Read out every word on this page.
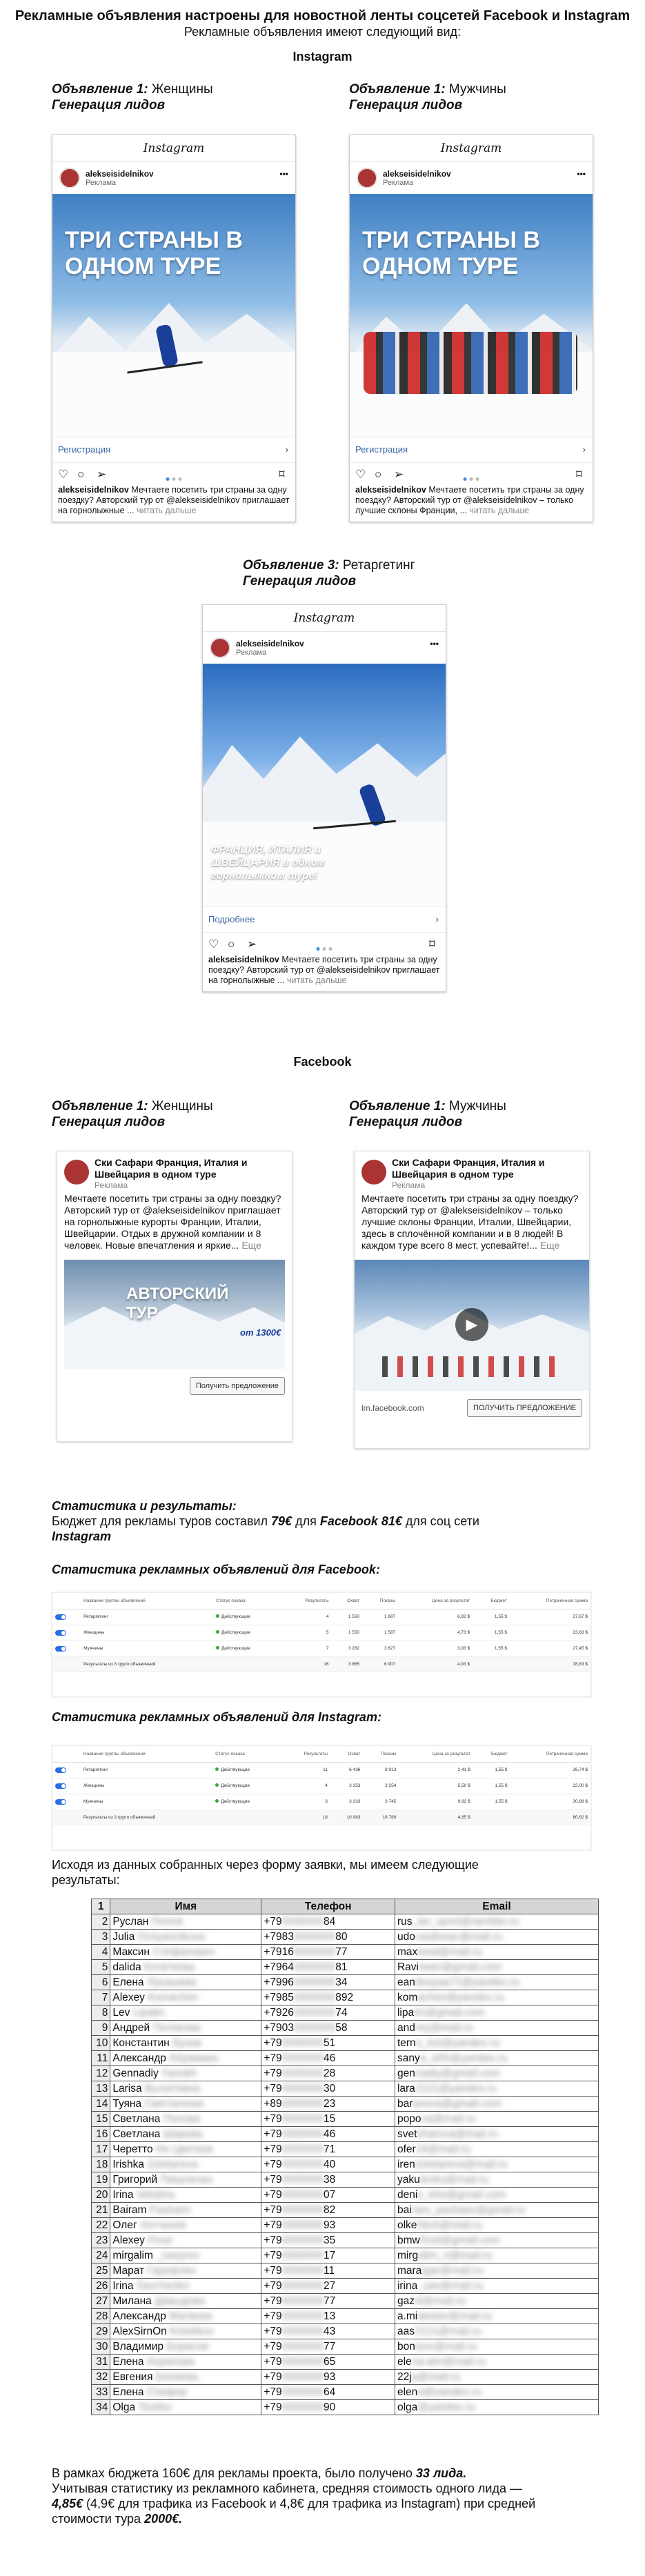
Рекламные объявления настроены для новостной ленты соцсетей Facebook и Instagram
Рекламные объявления имеют следующий вид:
Instagram
Объявление 1: Женщины
Генерация лидов
Объявление 1: Мужчины
Генерация лидов
Instagram
alekseisidelnikov
Реклама
•••
ТРИ СТРАНЫ В ОДНОМ ТУРЕ
Регистрация	›
♡ ○	➢	⌑
alekseisidelnikov Мечтаете посетить три страны за одну поездку? Авторский тур от @alekseisidelnikov приглашает на горнолыжные ... читать дальше
Instagram
alekseisidelnikov
Реклама
•••
ТРИ СТРАНЫ В ОДНОМ ТУРЕ
Регистрация	›
♡ ○	➢	⌑
alekseisidelnikov Мечтаете посетить три страны за одну поездку? Авторский тур от @alekseisidelnikov – только лучшие склоны Франции, ... читать дальше
Объявление 3: Ретаргетинг
Генерация лидов
Instagram
alekseisidelnikov
Реклама
•••
ФРАНЦИЯ, ИТАЛИЯ и ШВЕЙЦАРИЯ в одном горнолыжном туре!
Подробнее	›
♡ ○	➢	⌑
alekseisidelnikov Мечтаете посетить три страны за одну поездку? Авторский тур от @alekseisidelnikov приглашает на горнолыжные ... читать дальше
Facebook
Объявление 1: Женщины
Генерация лидов
Объявление 1: Мужчины
Генерация лидов
Ски Сафари Франция, Италия и Швейцария в одном туре
Реклама
Мечтаете посетить три страны за одну поездку? Авторский тур от @alekseisidelnikov приглашает на горнолыжные курорты Франции, Италии, Швейцарии. Отдых в дружной компании и 8 человек. Новые впечатления и яркие... Еще
АВТОРСКИЙ ТУР
от 1300€
Получить предложение
Ски Сафари Франция, Италия и Швейцария в одном туре
Реклама
Мечтаете посетить три страны за одну поездку? Авторский тур от @alekseisidelnikov – только лучшие склоны Франции, Италии, Швейцарии, здесь в сплочённой компании и в 8 людей! В каждом туре всего 8 мест, успевайте!... Еще
▶
lm.facebook.com	ПОЛУЧИТЬ ПРЕДЛОЖЕНИЕ
Статистика и результаты:
Бюджет для рекламы туров составил 79€ для Facebook 81€ для соц сети
Instagram
Статистика рекламных объявлений для Facebook:
	Название группы объявлений	Статус показа	Результаты	Охват	Показы	Цена за результат	Бюджет	Потраченная сумма
	Ретаргетинг	Действующие	4	1 550	1 687	6,92 $	1,55 $	27,67 $
	Женщины	Действующие	5	1 550	1 587	4,73 $	1,55 $	23,63 $
	Мужчины	Действующие	7	3 282	3 627	3,93 $	1,55 $	27,45 $
	Результаты из 3 групп объявлений		16	3 865	6 907	4,93 $		78,83 $
Статистика рекламных объявлений для Instagram:
	Название группы объявлений	Статус показа	Результаты	Охват	Показы	Цена за результат	Бюджет	Потраченная сумма
	Ретаргетинг	Действующие	11	6 436	8 913	2,41 $	1,55 $	26,74 $
	Женщины	Действующие	4	3 253	3 254	5,50 $	1,55 $	22,00 $
	Мужчины	Действующие	3	3 333	3 745	9,92 $	1,55 $	30,88 $
	Результаты из 3 групп объявлений		18	10 063	18 780	4,85 $		80,62 $
Исходя из данных собранных через форму заявки, мы имеем следующие результаты:
1	Имя	Телефон	Email
2	Руслан Попов	+79000000084	rus_ter_sport@rambler.ru
3	Julia Ovsyannikova	+7983000000080	udovasilovac@mail.ru
4	Максин Стефанович	+7916000000077	maxkwal@mail.ru
5	dalida Кочеткова	+7964000000081	Raviewer@gmail.com
6	Елена Лукашева	+7996000000034	eandesyaa71@yandex.ru
7	Alexey Komachev	+79850000000892	komachev@yandex.ru
8	Lev Lipatin	+7926000000074	lipatin@gmail.com
9	Андрей Полякова	+7903000000058	andrey@mail.ru
10	Константин Бузов	+79000000051	terno_kot@yandex.ru
11	Александр Абрамкин	+79000000046	sanya_a55@yandex.ru
12	Gennadiy Yanokh	+79000000028	gennadiy@gmail.com
13	Larisa Вылитовна	+79000000030	lara2121@yandex.ru
14	Туяна Светличная	+89000000023	baranova@gmail.com
15	Светлана Попова	+79000000015	popova@mail.ru
16	Светлана Шарова	+79000000046	svetsharova@mail.ru
17	Черетто Не Цветков	+79000000071	ofer19@mail.ru
18	Irishka Zolotareva	+79000000040	irenzolotareva@mail.ru
19	Григорий Пикуленко	+79000000038	yakulenko@mail.ru
20	Irina Velutina	+79000000007	denis_kho@gmail.com
21	Bairam Pashaev	+79000000082	bairam_pashaev@gmail.ru
22	Олег Хитчеков	+79000000093	olkehitch@mail.ru
23	Alexey Frost	+79000000035	bmwfrost@gmail.com
24	mirgalim _nasyrov	+79000000017	mirgalim_n@mail.ru
25	Марат Гарифзян	+79000000011	maratgar@mail.ru
26	Irina Savchenko	+79000000027	irina_sav@mail.ru
27	Милана Давыдова	+79000000077	gazel@mail.ru
28	Александр Матвеев	+79000000013	a.miatveev@mail.ru
29	AlexSirnOn Kolobkov	+79000000043	aas2121@mail.ru
30	Владимир Борисов	+79000000077	bonisov@mail.ru
31	Елена Ахрапова	+79000000065	elena-ahr@mail.ru
32	Евгения Беляева	+79000000093	22ja@mail.ru
33	Елена Спифер	+79000000064	elena@yandex.ru
34	Olga Tsvirko	+79000000090	olga@yandex.ru
В рамках бюджета 160€ для рекламы проекта, было получено 33 лида.
Учитывая статистику из рекламного кабинета, средняя стоимость одного лида —
4,85€ (4,9€ для трафика из Facebook и 4,8€ для трафика из Instagram) при средней
стоимости тура 2000€.
